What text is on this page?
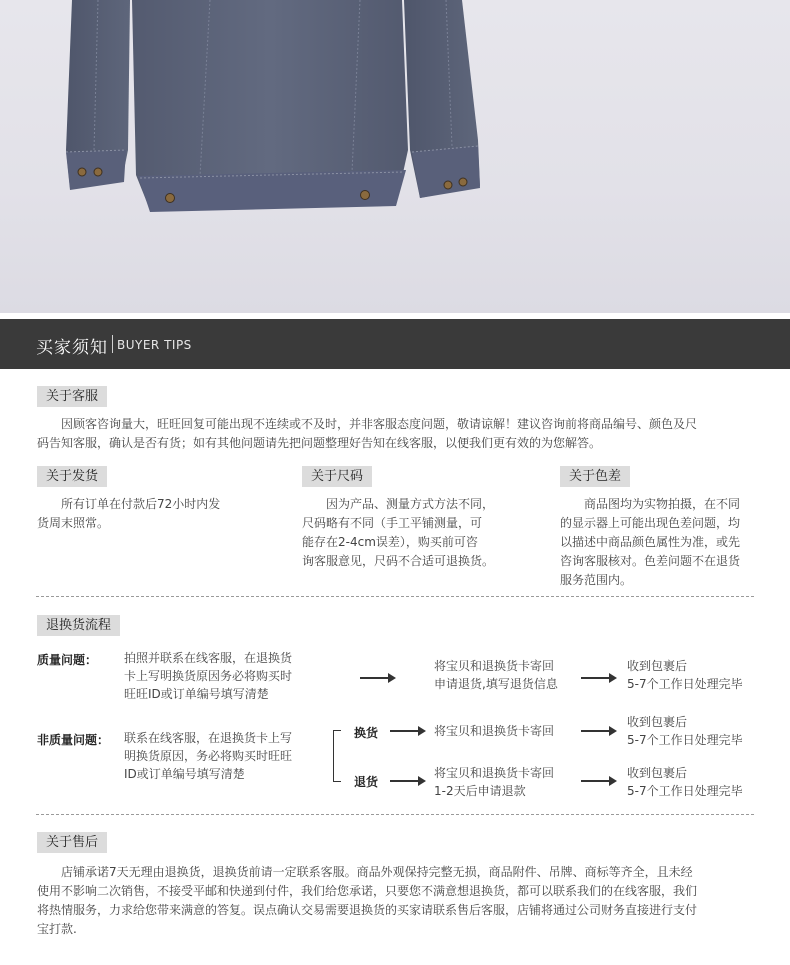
买家须知 BUYER TIPS
关于客服
因顾客咨询量大，旺旺回复可能出现不连续或不及时，并非客服态度问题，敬请谅解！建议咨询前将商品编号、颜色及尺
码告知客服，确认是否有货；如有其他问题请先把问题整理好告知在线客服，以便我们更有效的为您解答。
关于发货
所有订单在付款后72小时内发
货周末照常。
关于尺码
因为产品、测量方式方法不同，
尺码略有不同（手工平铺测量，可
能存在2-4cm误差），购买前可咨
询客服意见，尺码不合适可退换货。
关于色差
商品图均为实物拍摄，在不同
的显示器上可能出现色差问题，均
以描述中商品颜色属性为准，或先
咨询客服核对。色差问题不在退货
服务范围内。
退换货流程
质量问题： 拍照并联系在线客服，在退换货
卡上写明换货原因务必将购买时
旺旺ID或订单编号填写清楚
将宝贝和退换货卡寄回
申请退货,填写退货信息
收到包裹后
5-7个工作日处理完毕
非质量问题： 联系在线客服，在退换货卡上写
明换货原因，务必将购买时旺旺
ID或订单编号填写清楚
换货	将宝贝和退换货卡寄回
收到包裹后
5-7个工作日处理完毕
退货
将宝贝和退换货卡寄回
1-2天后申请退款
收到包裹后
5-7个工作日处理完毕
关于售后
店铺承诺7天无理由退换货，退换货前请一定联系客服。商品外观保持完整无损，商品附件、吊牌、商标等齐全，且未经
使用不影响二次销售，不接受平邮和快递到付件，我们给您承诺，只要您不满意想退换货，都可以联系我们的在线客服，我们
将热情服务，力求给您带来满意的答复。误点确认交易需要退换货的买家请联系售后客服，店铺将通过公司财务直接进行支付
宝打款.
